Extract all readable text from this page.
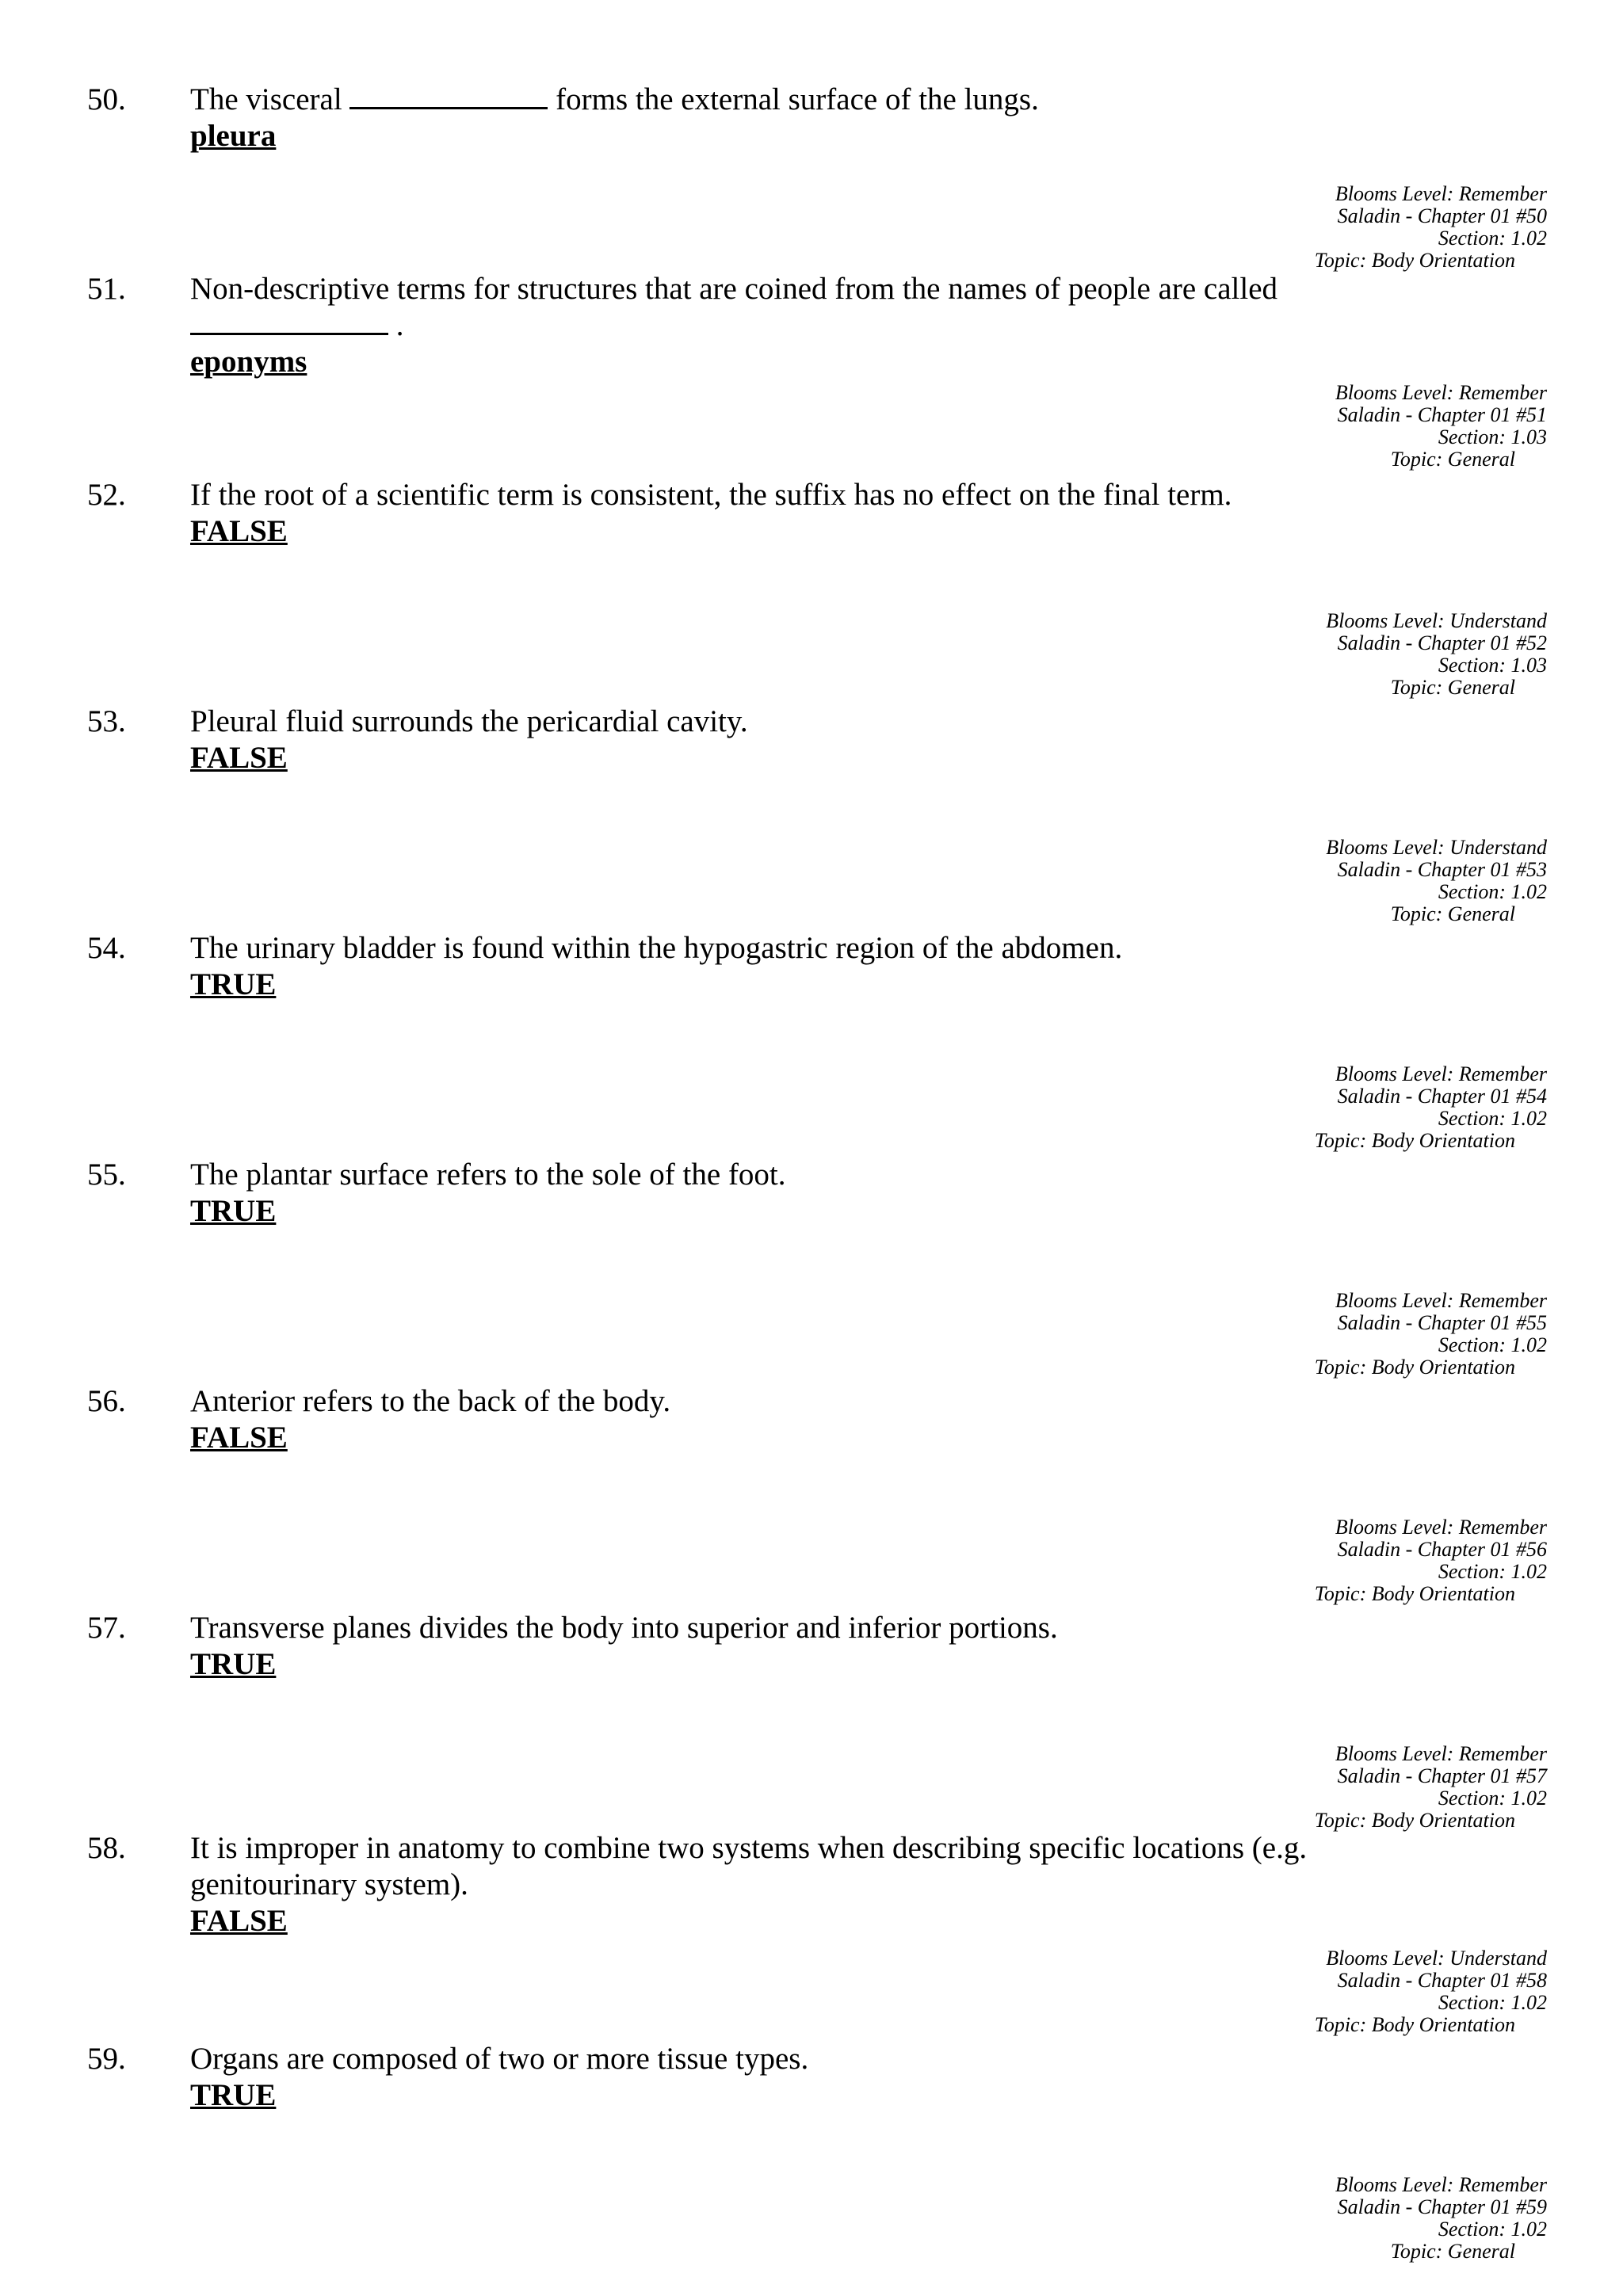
50. The visceral	forms the external surface of the lungs.
pleura
Blooms Level: Remember
Saladin - Chapter 01 #50
Section: 1.02
Topic: Body Orientation
51. Non-descriptive terms for structures that are coined from the names of people are called
.
eponyms
Blooms Level: Remember
Saladin - Chapter 01 #51
Section: 1.03
Topic: General
52. If the root of a scientific term is consistent, the suffix has no effect on the final term.
FALSE
Blooms Level: Understand
Saladin - Chapter 01 #52
Section: 1.03
Topic: General
53. Pleural fluid surrounds the pericardial cavity.
FALSE
Blooms Level: Understand
Saladin - Chapter 01 #53
Section: 1.02
Topic: General
54. The urinary bladder is found within the hypogastric region of the abdomen.
TRUE
Blooms Level: Remember
Saladin - Chapter 01 #54
Section: 1.02
Topic: Body Orientation
55. The plantar surface refers to the sole of the foot.
TRUE
Blooms Level: Remember
Saladin - Chapter 01 #55
Section: 1.02
Topic: Body Orientation
56. Anterior refers to the back of the body.
FALSE
Blooms Level: Remember
Saladin - Chapter 01 #56
Section: 1.02
Topic: Body Orientation
57. Transverse planes divides the body into superior and inferior portions.
TRUE
Blooms Level: Remember
Saladin - Chapter 01 #57
Section: 1.02
Topic: Body Orientation
58. It is improper in anatomy to combine two systems when describing specific locations (e.g. genitourinary system).
FALSE
Blooms Level: Understand
Saladin - Chapter 01 #58
Section: 1.02
Topic: Body Orientation
59. Organs are composed of two or more tissue types.
TRUE
Blooms Level: Remember
Saladin - Chapter 01 #59
Section: 1.02
Topic: General
